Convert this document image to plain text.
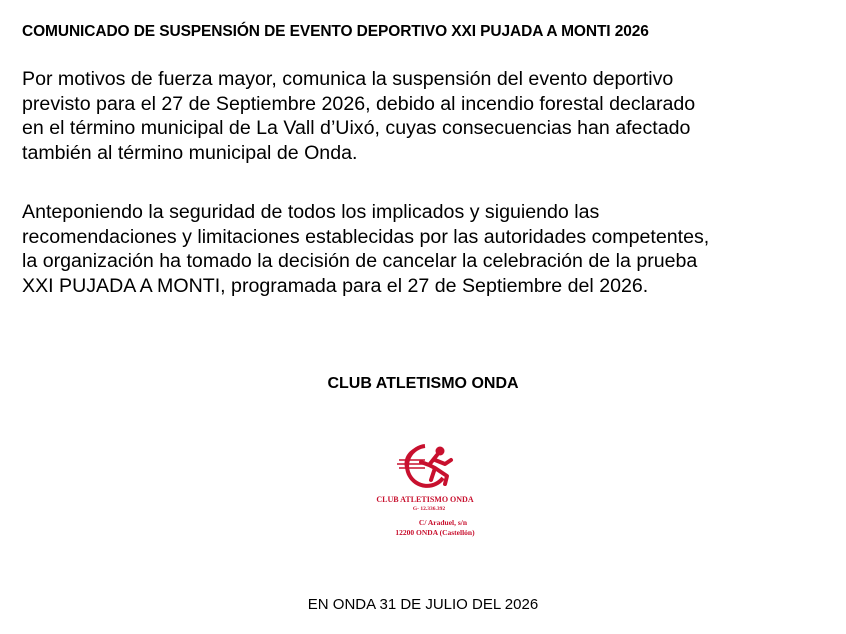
COMUNICADO DE SUSPENSIÓN DE EVENTO DEPORTIVO XXI PUJADA A MONTI 2026

Por motivos de fuerza mayor, comunica la suspensión del evento deportivo
previsto para el 27 de Septiembre 2026, debido al incendio forestal declarado
en el término municipal de La Vall d’Uixó, cuyas consecuencias han afectado
también al término municipal de Onda.

Anteponiendo la seguridad de todos los implicados y siguiendo las
recomendaciones y limitaciones establecidas por las autoridades competentes,
la organización ha tomado la decisión de cancelar la celebración de la prueba
XXI PUJADA A MONTI, programada para el 27 de Septiembre del 2026.

CLUB ATLETISMO ONDA

CLUB ATLETISMO ONDA
G- 12.336.392
C/ Araduel, s/n
12200 ONDA (Castellón)

EN ONDA 31 DE JULIO DEL 2026
